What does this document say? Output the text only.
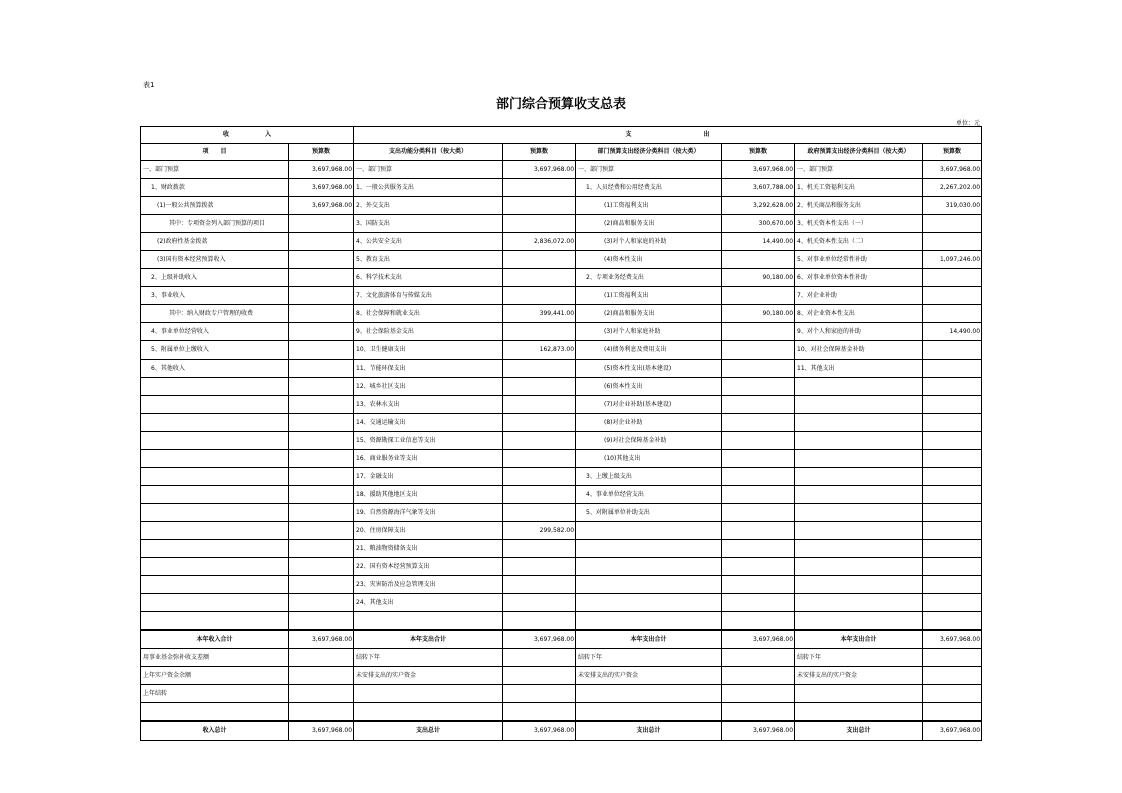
表1
部门综合预算收支总表
单位：元
收　　　　　　入		支　　　　　　　　　　　　出					
项　　目	预算数	支出功能分类科目（按大类）	预算数	部门预算支出经济分类科目（按大类）	预算数	政府预算支出经济分类科目（按大类）	预算数
一、部门预算	3,697,968.00	一、部门预算	3,697,968.00	一、部门预算	3,697,968.00	一、部门预算	3,697,968.00
1、财政拨款	3,697,968.00	1、一般公共服务支出		1、人员经费和公用经费支出	3,607,788.00	1、机关工资福利支出	2,267,202.00
(1)一般公共预算拨款	3,697,968.00	2、外交支出		(1)工资福利支出	3,292,628.00	2、机关商品和服务支出	319,030.00
其中：专项资金列入部门预算的项目		3、国防支出		(2)商品和服务支出	300,670.00	3、机关资本性支出（一）	
(2)政府性基金拨款		4、公共安全支出	2,836,072.00	(3)对个人和家庭的补助	14,490.00	4、机关资本性支出（二）	
(3)国有资本经营预算收入		5、教育支出		(4)资本性支出		5、对事业单位经常性补助	1,097,246.00
2、上级补助收入		6、科学技术支出		2、专项业务经费支出	90,180.00	6、对事业单位资本性补助	
3、事业收入		7、文化旅游体育与传媒支出		(1)工资福利支出		7、对企业补助	
其中：纳入财政专户管理的收费		8、社会保障和就业支出	399,441.00	(2)商品和服务支出	90,180.00	8、对企业资本性支出	
4、事业单位经营收入		9、社会保险基金支出		(3)对个人和家庭补助		9、对个人和家庭的补助	14,490.00
5、附属单位上缴收入		10、卫生健康支出	162,873.00	(4)债务利息及费用支出		10、对社会保障基金补助	
6、其他收入		11、节能环保支出		(5)资本性支出(基本建设)		11、其他支出	
		12、城乡社区支出		(6)资本性支出			
		13、农林水支出		(7)对企业补助(基本建设)			
		14、交通运输支出		(8)对企业补助			
		15、资源勘探工业信息等支出		(9)对社会保障基金补助			
		16、商业服务业等支出		(10)其他支出			
		17、金融支出		3、上缴上级支出			
		18、援助其他地区支出		4、事业单位经营支出			
		19、自然资源海洋气象等支出		5、对附属单位补助支出			
		20、住房保障支出	299,582.00				
		21、粮油物资储备支出					
		22、国有资本经营预算支出					
		23、灾害防治及应急管理支出					
		24、其他支出					

本年收入合计	3,697,968.00	本年支出合计	3,697,968.00	本年支出合计	3,697,968.00	本年支出合计	3,697,968.00
用事业基金弥补收支差额		结转下年		结转下年		结转下年	
上年实户资金余额		未安排支出的实户资金		未安排支出的实户资金		未安排支出的实户资金	
上年结转							

收入总计	3,697,968.00	支出总计	3,697,968.00	支出总计	3,697,968.00	支出总计	3,697,968.00
